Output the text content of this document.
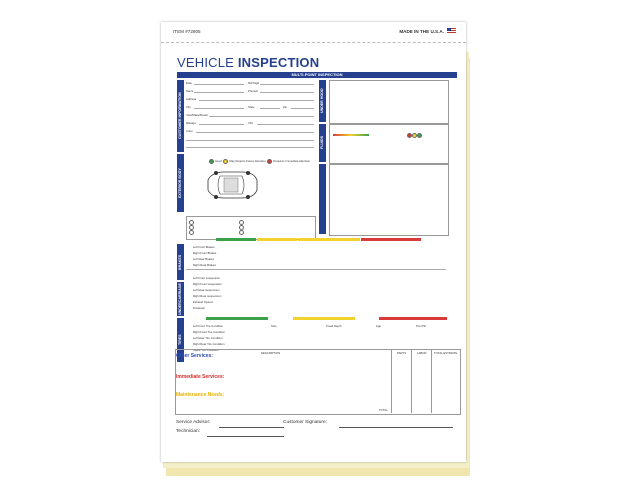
ITEM #72905	MADE IN THE U.S.A.
VEHICLE INSPECTION
MULTI-POINT INSPECTION
CUSTOMER INFORMATION
EXTERIOR BODY
BRAKES
UNDERCARRIAGE
TIRES
UNDER HOOD
FLUIDS
Date	RO/Tag#
Name	Phone#
Address
City	State	Zip
Year/Make/Model
Mileage	VIN
Color
Good	May Require Future Attention	Requires Immediate Attention
Left Front Brakes
Right Front Brakes
Left Rear Brakes
Right Rear Brakes
Left Front suspension
Right Front suspension
Left Rear suspension
Right Rear suspension
Exhaust System
Drivetrain
Left Front Tire Condition
Right Front Tire Condition
Left Rear Tire Condition
Right Rear Tire Condition
Spare Tire Condition
Size	Tread Depth	Age	Tire PSI
DESCRIPTION	PARTS	LABOR	TOTAL ESTIMATE
Other Services:
Immediate Services:
Maintenance Needs:
TOTAL
Service Advisor:	Customer Signature:
Technician:
